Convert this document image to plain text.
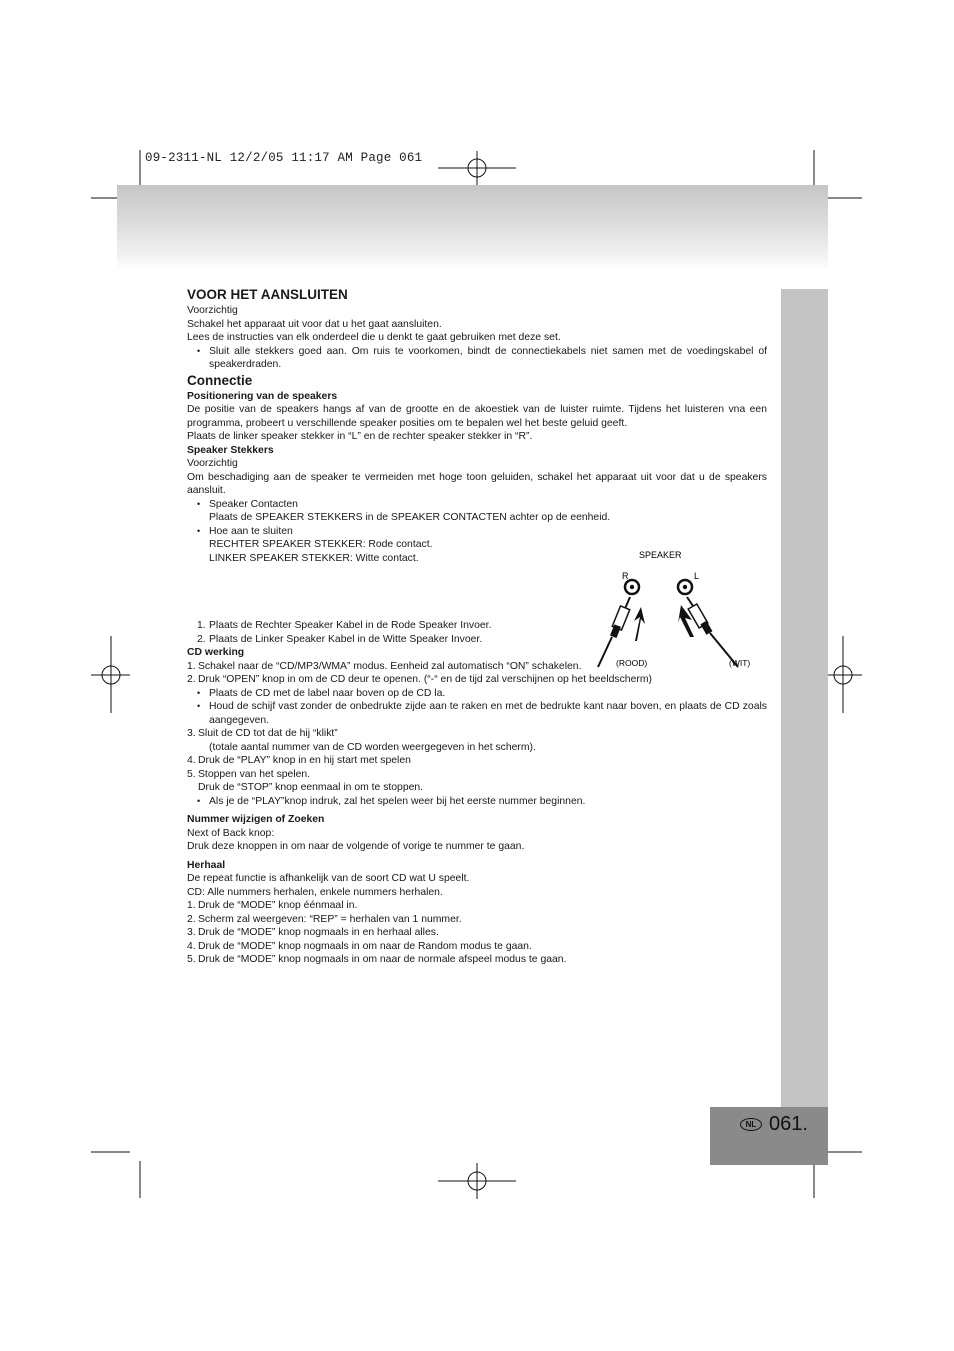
09-2311-NL 12/2/05 11:17 AM Page 061
NL 061.

VOOR HET AANSLUITEN

Voorzichtig

Schakel het apparaat uit voor dat u het gaat aansluiten.

Lees de instructies van elk onderdeel die u denkt te gaat gebruiken met deze set.

• Sluit alle stekkers goed aan. Om ruis te voorkomen, bindt de connectiekabels niet samen met de voedingskabel of speakerdraden.

Connectie

Positionering van de speakers

De positie van de speakers hangs af van de grootte en de akoestiek van de luister ruimte. Tijdens het luisteren vna een programma, probeert u verschillende speaker posities om te bepalen wel het beste geluid geeft.

Plaats de linker speaker stekker in “L” en de rechter speaker stekker in “R”.

Speaker Stekkers

Voorzichtig

Om beschadiging aan de speaker te vermeiden met hoge toon geluiden, schakel het apparaat uit voor dat u de speakers aansluit.

• Speaker Contacten

Plaats de SPEAKER STEKKERS in de SPEAKER CONTACTEN achter op de eenheid.

• Hoe aan te sluiten

RECHTER SPEAKER STEKKER: Rode contact.

LINKER SPEAKER STEKKER: Witte contact.

1. Plaats de Rechter Speaker Kabel in de Rode Speaker Invoer.

2. Plaats de Linker Speaker Kabel in de Witte Speaker Invoer.

CD werking

1. Schakel naar de “CD/MP3/WMA” modus. Eenheid zal automatisch “ON” schakelen.

2. Druk “OPEN” knop in om de CD deur te openen. (“-“ en de tijd zal verschijnen op het beeldscherm)

• Plaats de CD met de label naar boven op de CD la.

• Houd de schijf vast zonder de onbedrukte zijde aan te raken en met de bedrukte kant naar boven, en plaats de CD zoals aangegeven.

3. Sluit de CD tot dat de hij “klikt”

(totale aantal nummer van de CD worden weergegeven in het scherm).

4. Druk de “PLAY” knop in en hij start met spelen

5. Stoppen van het spelen.

Druk de “STOP” knop eenmaal in om te stoppen.

• Als je de “PLAY”knop indruk, zal het spelen weer bij het eerste nummer beginnen.

Nummer wijzigen of Zoeken

Next of Back knop:

Druk deze knoppen in om naar de volgende of vorige te nummer te gaan.

Herhaal

De repeat functie is afhankelijk van de soort CD wat U speelt.

CD: Alle nummers herhalen, enkele nummers herhalen.

1. Druk de “MODE” knop éénmaal in.

2. Scherm zal weergeven: “REP” = herhalen van 1 nummer.

3. Druk de “MODE” knop nogmaals in en herhaal alles.

4. Druk de “MODE” knop nogmaals in om naar de Random modus te gaan.

5. Druk de “MODE” knop nogmaals in om naar de normale afspeel modus te gaan.

SPEAKER
R	L
(ROOD)	(WIT)
